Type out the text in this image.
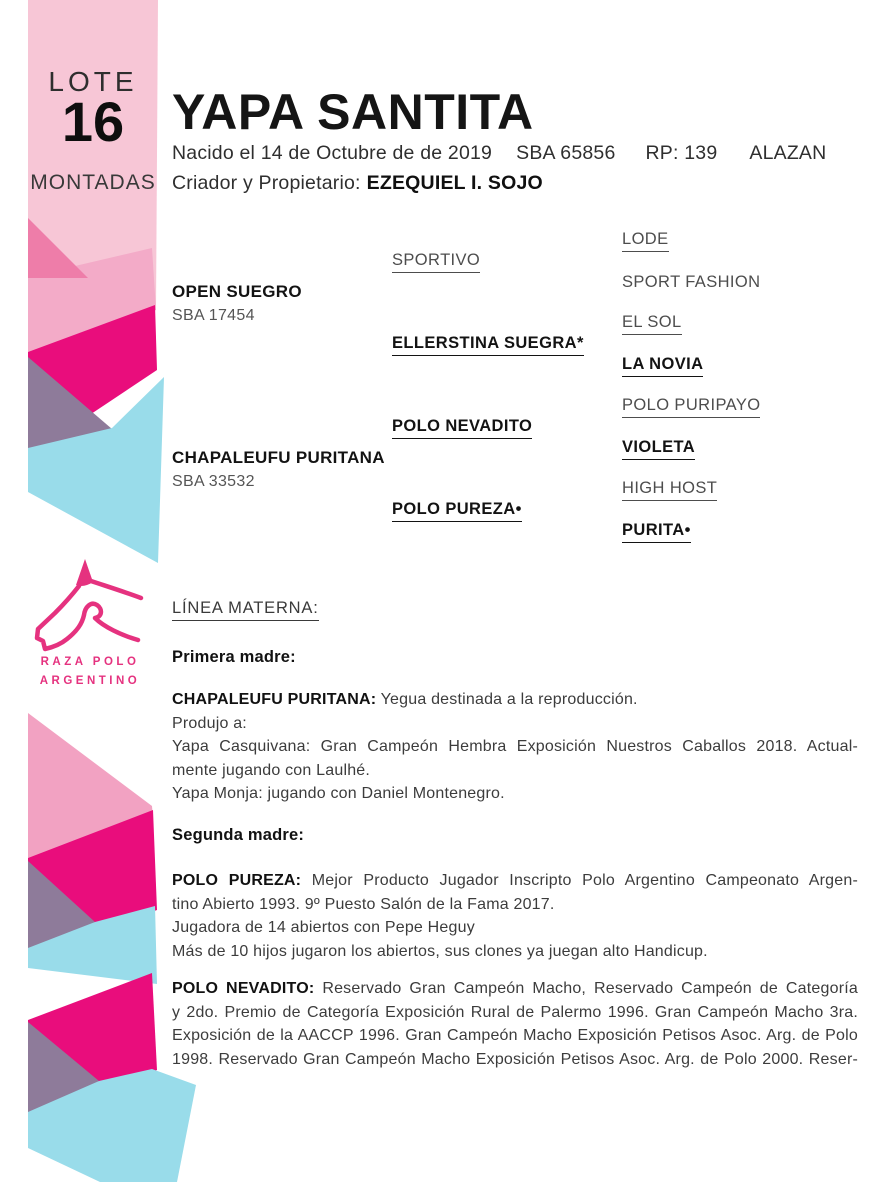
LOTE
16
MONTADAS
YAPA SANTITA
Nacido el 14 de Octubre de de 2019 SBA 65856 RP: 139 ALAZAN
Criador y Propietario: EZEQUIEL I. SOJO
OPEN SUEGRO
SBA 17454
CHAPALEUFU PURITANA
SBA 33532
SPORTIVO
ELLERSTINA SUEGRA*
POLO NEVADITO
POLO PUREZA•
LODE
SPORT FASHION
EL SOL
LA NOVIA
POLO PURIPAYO
VIOLETA
HIGH HOST
PURITA•
RAZA POLO
ARGENTINO
LÍNEA MATERNA:
Primera madre:
CHAPALEUFU PURITANA: Yegua destinada a la reproducción.
Produjo a:
Yapa Casquivana: Gran Campeón Hembra Exposición Nuestros Caballos 2018. Actual-
mente jugando con Laulhé.
Yapa Monja: jugando con Daniel Montenegro.
Segunda madre:
POLO PUREZA: Mejor Producto Jugador Inscripto Polo Argentino Campeonato Argen-
tino Abierto 1993. 9º Puesto Salón de la Fama 2017.
Jugadora de 14 abiertos con Pepe Heguy
Más de 10 hijos jugaron los abiertos, sus clones ya juegan alto Handicup.
POLO NEVADITO: Reservado Gran Campeón Macho, Reservado Campeón de Categoría
y 2do. Premio de Categoría Exposición Rural de Palermo 1996. Gran Campeón Macho 3ra.
Exposición de la AACCP 1996. Gran Campeón Macho Exposición Petisos Asoc. Arg. de Polo
1998. Reservado Gran Campeón Macho Exposición Petisos Asoc. Arg. de Polo 2000. Reser-
